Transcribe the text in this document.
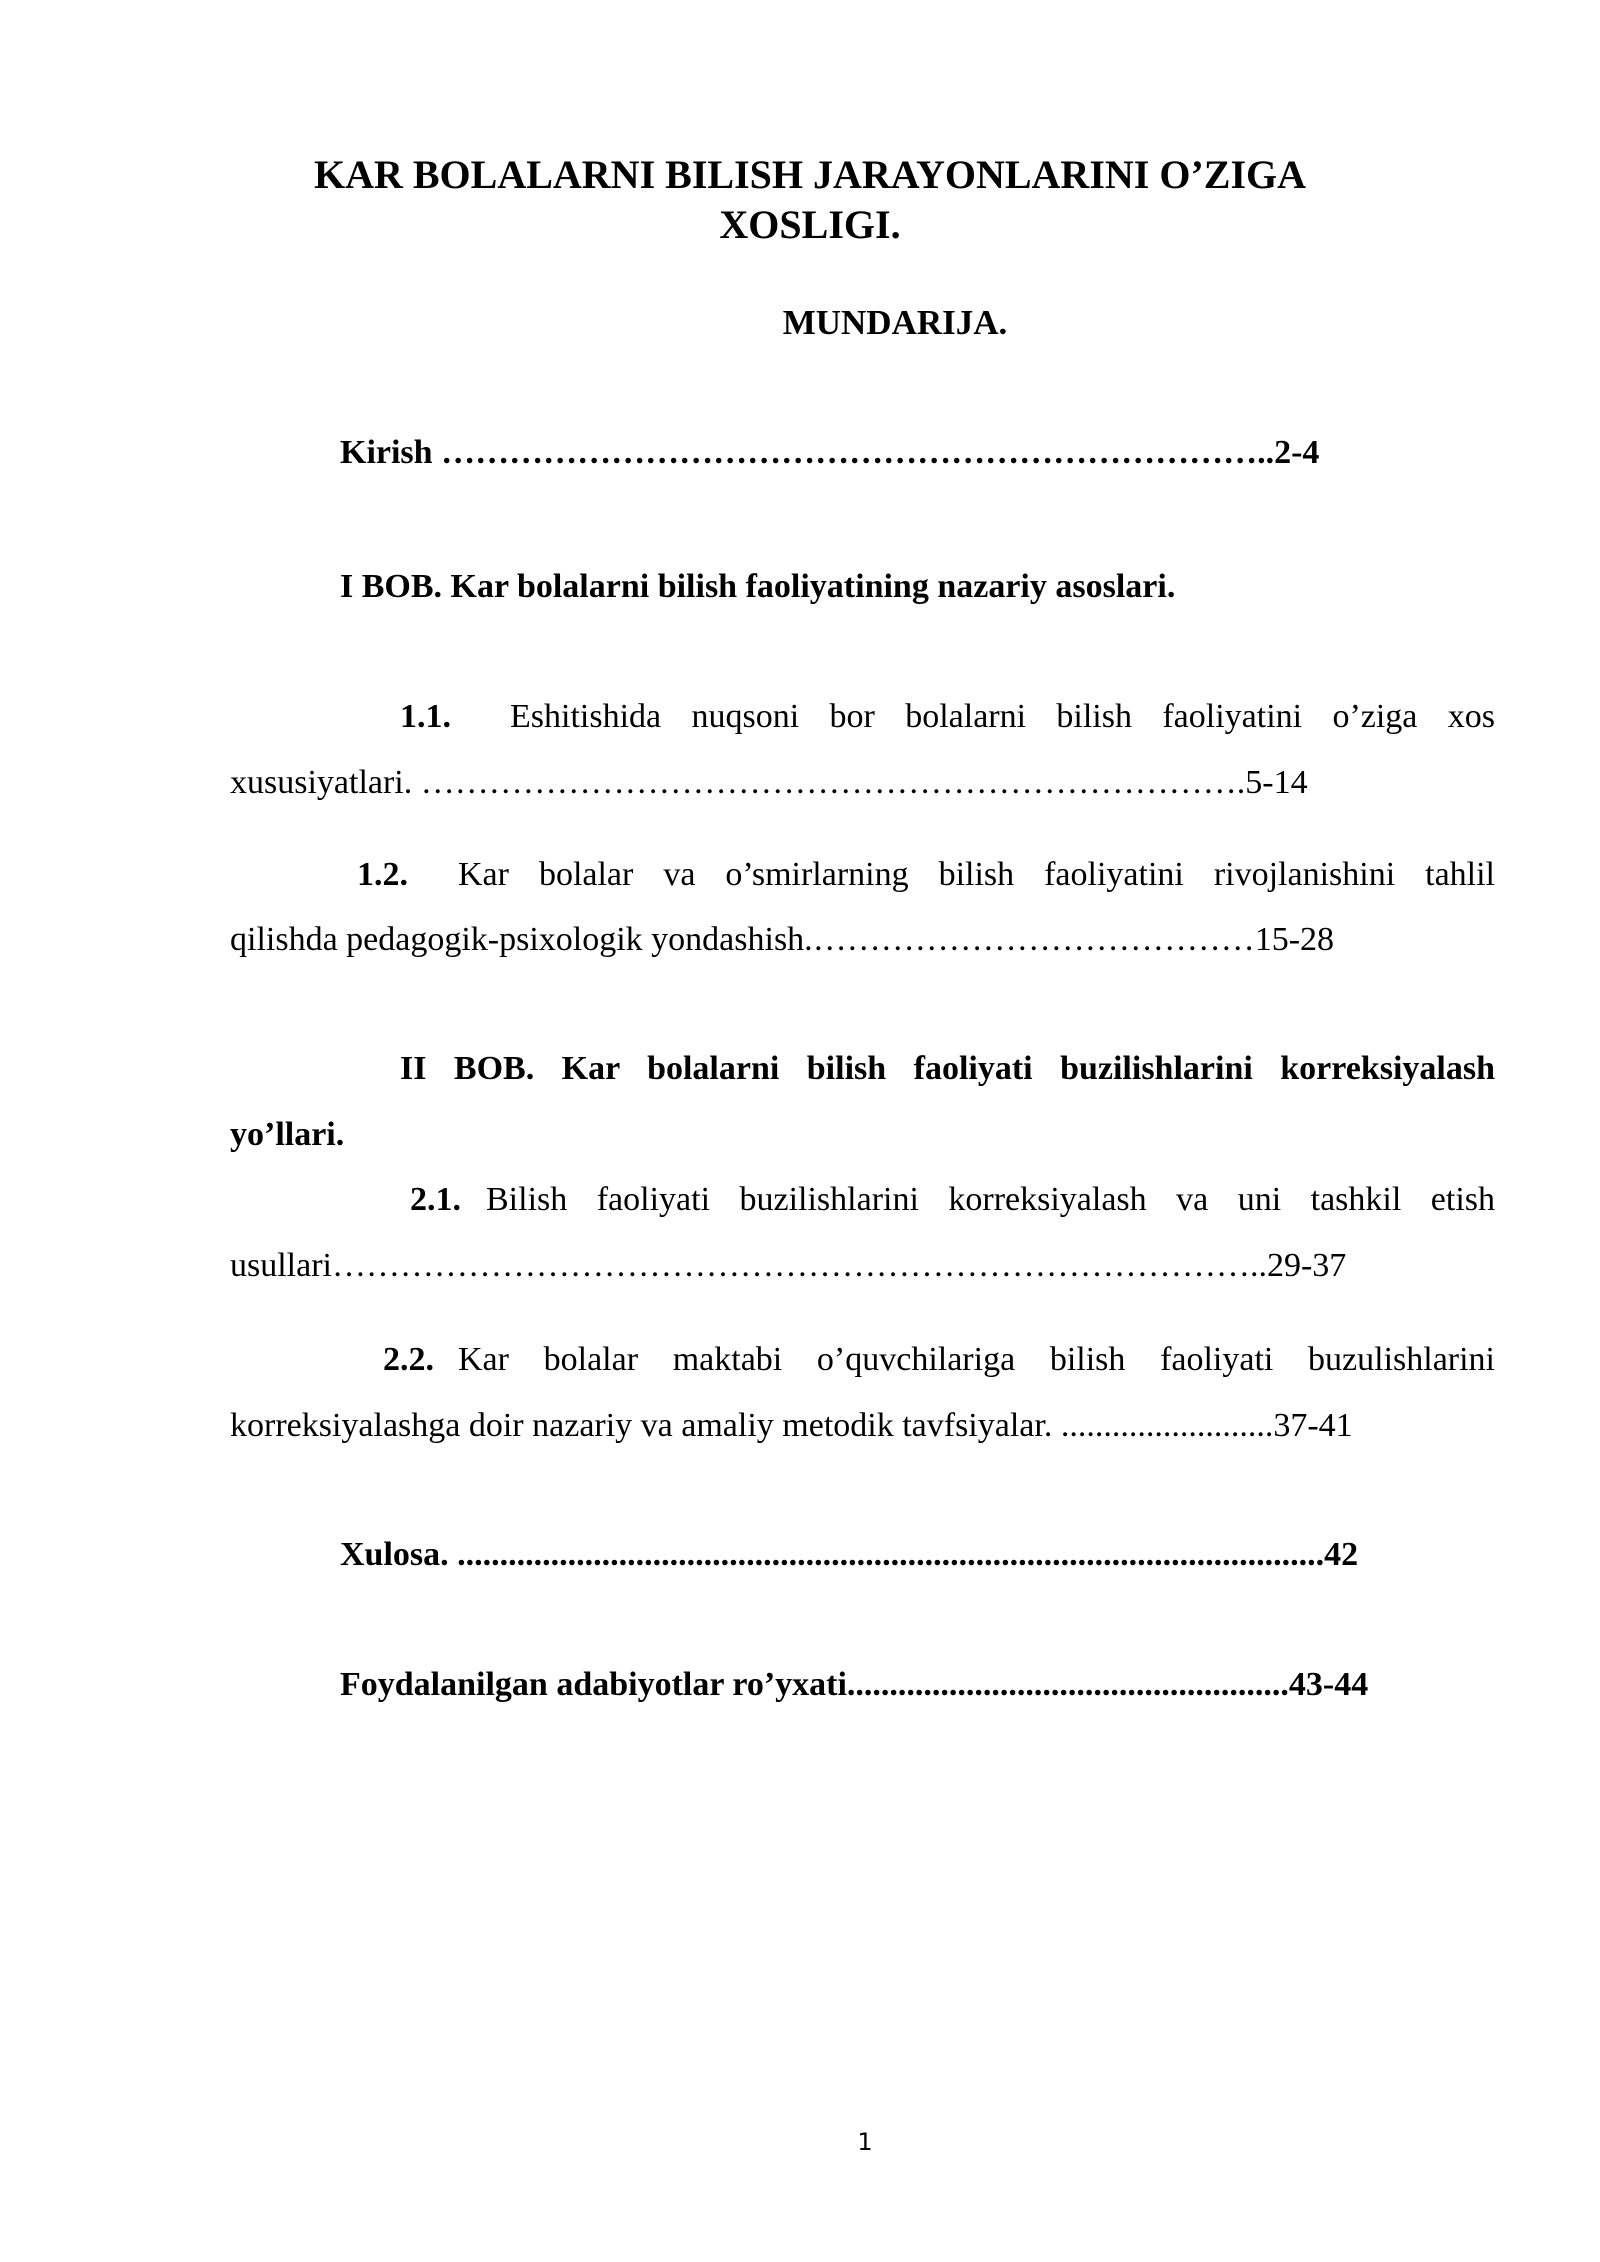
KAR BOLALARNI BILISH JARAYONLARINI O’ZIGA
XOSLIGI.
MUNDARIJA.
Kirish ………………………………………………………………..2-4
I BOB. Kar bolalarni bilish faoliyatining nazariy asoslari.
1.1. Eshitishida nuqsoni bor bolalarni bilish faoliyatini o’ziga xos
xususiyatlari. ……………………………………………………………….5-14
1.2. Kar bolalar va o’smirlarning bilish faoliyatini rivojlanishini tahlil
qilishda pedagogik-psixologik yondashish.…………………………………15-28
II BOB. Kar bolalarni bilish faoliyati buzilishlarini korreksiyalash
yo’llari.
2.1. Bilish faoliyati buzilishlarini korreksiyalash va uni tashkil etish
usullari………………………………………………………………………..29-37
2.2. Kar bolalar maktabi o’quvchilariga bilish faoliyati buzulishlarini
korreksiyalashga doir nazariy va amaliy metodik tavfsiyalar. .........................37-41
Xulosa. ......................................................................................................42
Foydalanilgan adabiyotlar ro’yxati....................................................43-44
1
